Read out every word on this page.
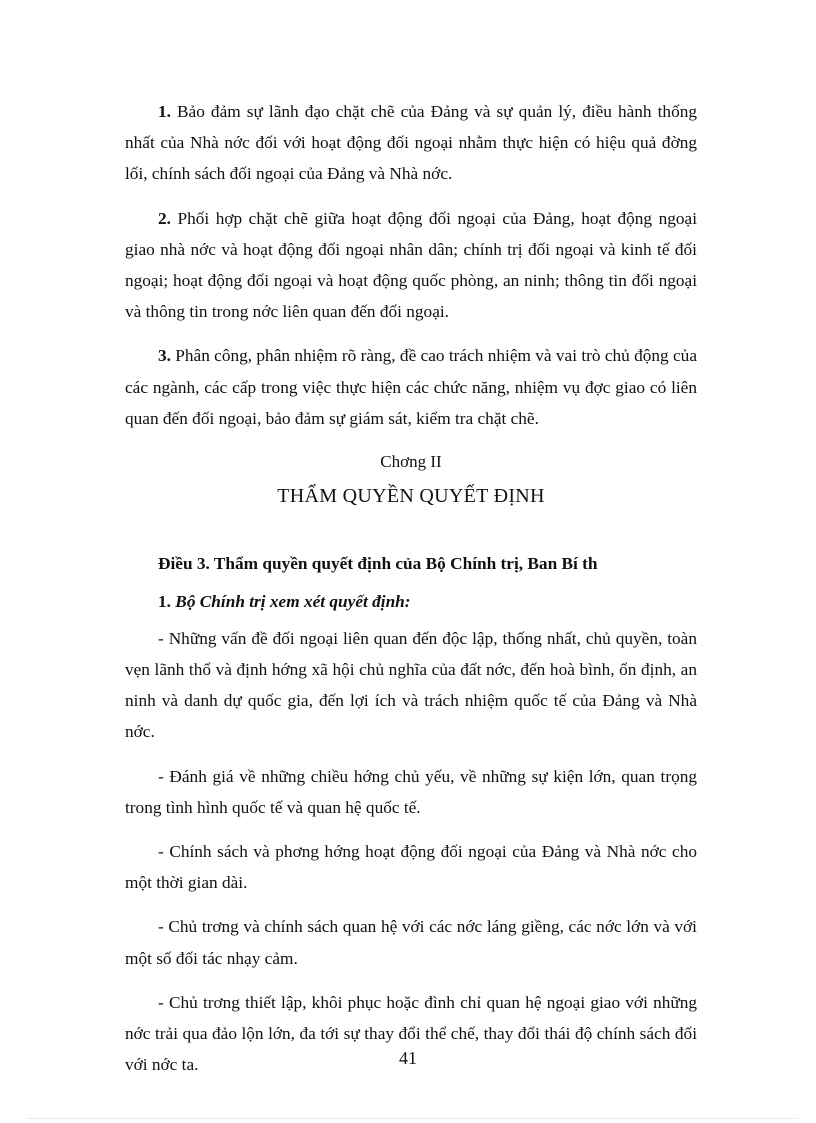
1. Bảo đảm sự lãnh đạo chặt chẽ của Đảng và sự quản lý, điều hành thống nhất của Nhà nớc đối với hoạt động đối ngoại nhằm thực hiện có hiệu quả đờng lối, chính sách đối ngoại của Đảng và Nhà nớc.

2. Phối hợp chặt chẽ giữa hoạt động đối ngoại của Đảng, hoạt động ngoại giao nhà nớc và hoạt động đối ngoại nhân dân; chính trị đối ngoại và kinh tế đối ngoại; hoạt động đối ngoại và hoạt động quốc phòng, an ninh; thông tin đối ngoại và thông tin trong nớc liên quan đến đối ngoại.

3. Phân công, phân nhiệm rõ ràng, đề cao trách nhiệm và vai trò chủ động của các ngành, các cấp trong việc thực hiện các chức năng, nhiệm vụ đợc giao có liên quan đến đối ngoại, bảo đảm sự giám sát, kiểm tra chặt chẽ.

Chơng II
THẨM QUYỀN QUYẾT ĐỊNH
Điều 3. Thẩm quyền quyết định của Bộ Chính trị, Ban Bí th
1. Bộ Chính trị xem xét quyết định:

- Những vấn đề đối ngoại liên quan đến độc lập, thống nhất, chủ quyền, toàn vẹn lãnh thổ và định hớng xã hội chủ nghĩa của đất nớc, đến hoà bình, ổn định, an ninh và danh dự quốc gia, đến lợi ích và trách nhiệm quốc tế của Đảng và Nhà nớc.

- Đánh giá về những chiều hớng chủ yếu, về những sự kiện lớn, quan trọng trong tình hình quốc tế và quan hệ quốc tế.

- Chính sách và phơng hớng hoạt động đối ngoại của Đảng và Nhà nớc cho một thời gian dài.

- Chủ trơng và chính sách quan hệ với các nớc láng giềng, các nớc lớn và với một số đối tác nhạy cảm.

- Chủ trơng thiết lập, khôi phục hoặc đình chỉ quan hệ ngoại giao với những nớc trải qua đảo lộn lớn, đa tới sự thay đổi thể chế, thay đổi thái độ chính sách đối với nớc ta.	41
